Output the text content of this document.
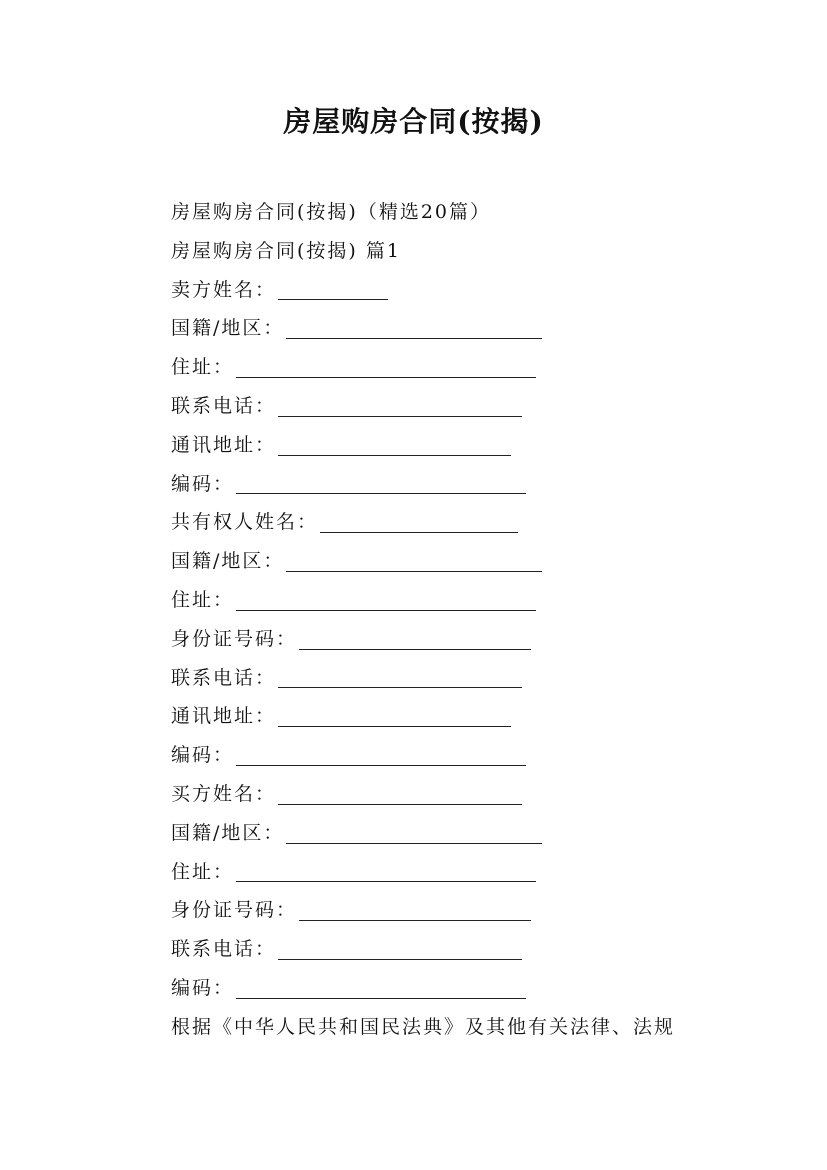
房屋购房合同(按揭)
房屋购房合同(按揭)（精选20篇）
房屋购房合同(按揭) 篇1
卖方姓名：
国籍/地区：
住址：
联系电话：
通讯地址：
编码：
共有权人姓名：
国籍/地区：
住址：
身份证号码：
联系电话：
通讯地址：
编码：
买方姓名：
国籍/地区：
住址：
身份证号码：
联系电话：
编码：
根据《中华人民共和国民法典》及其他有关法律、法规
